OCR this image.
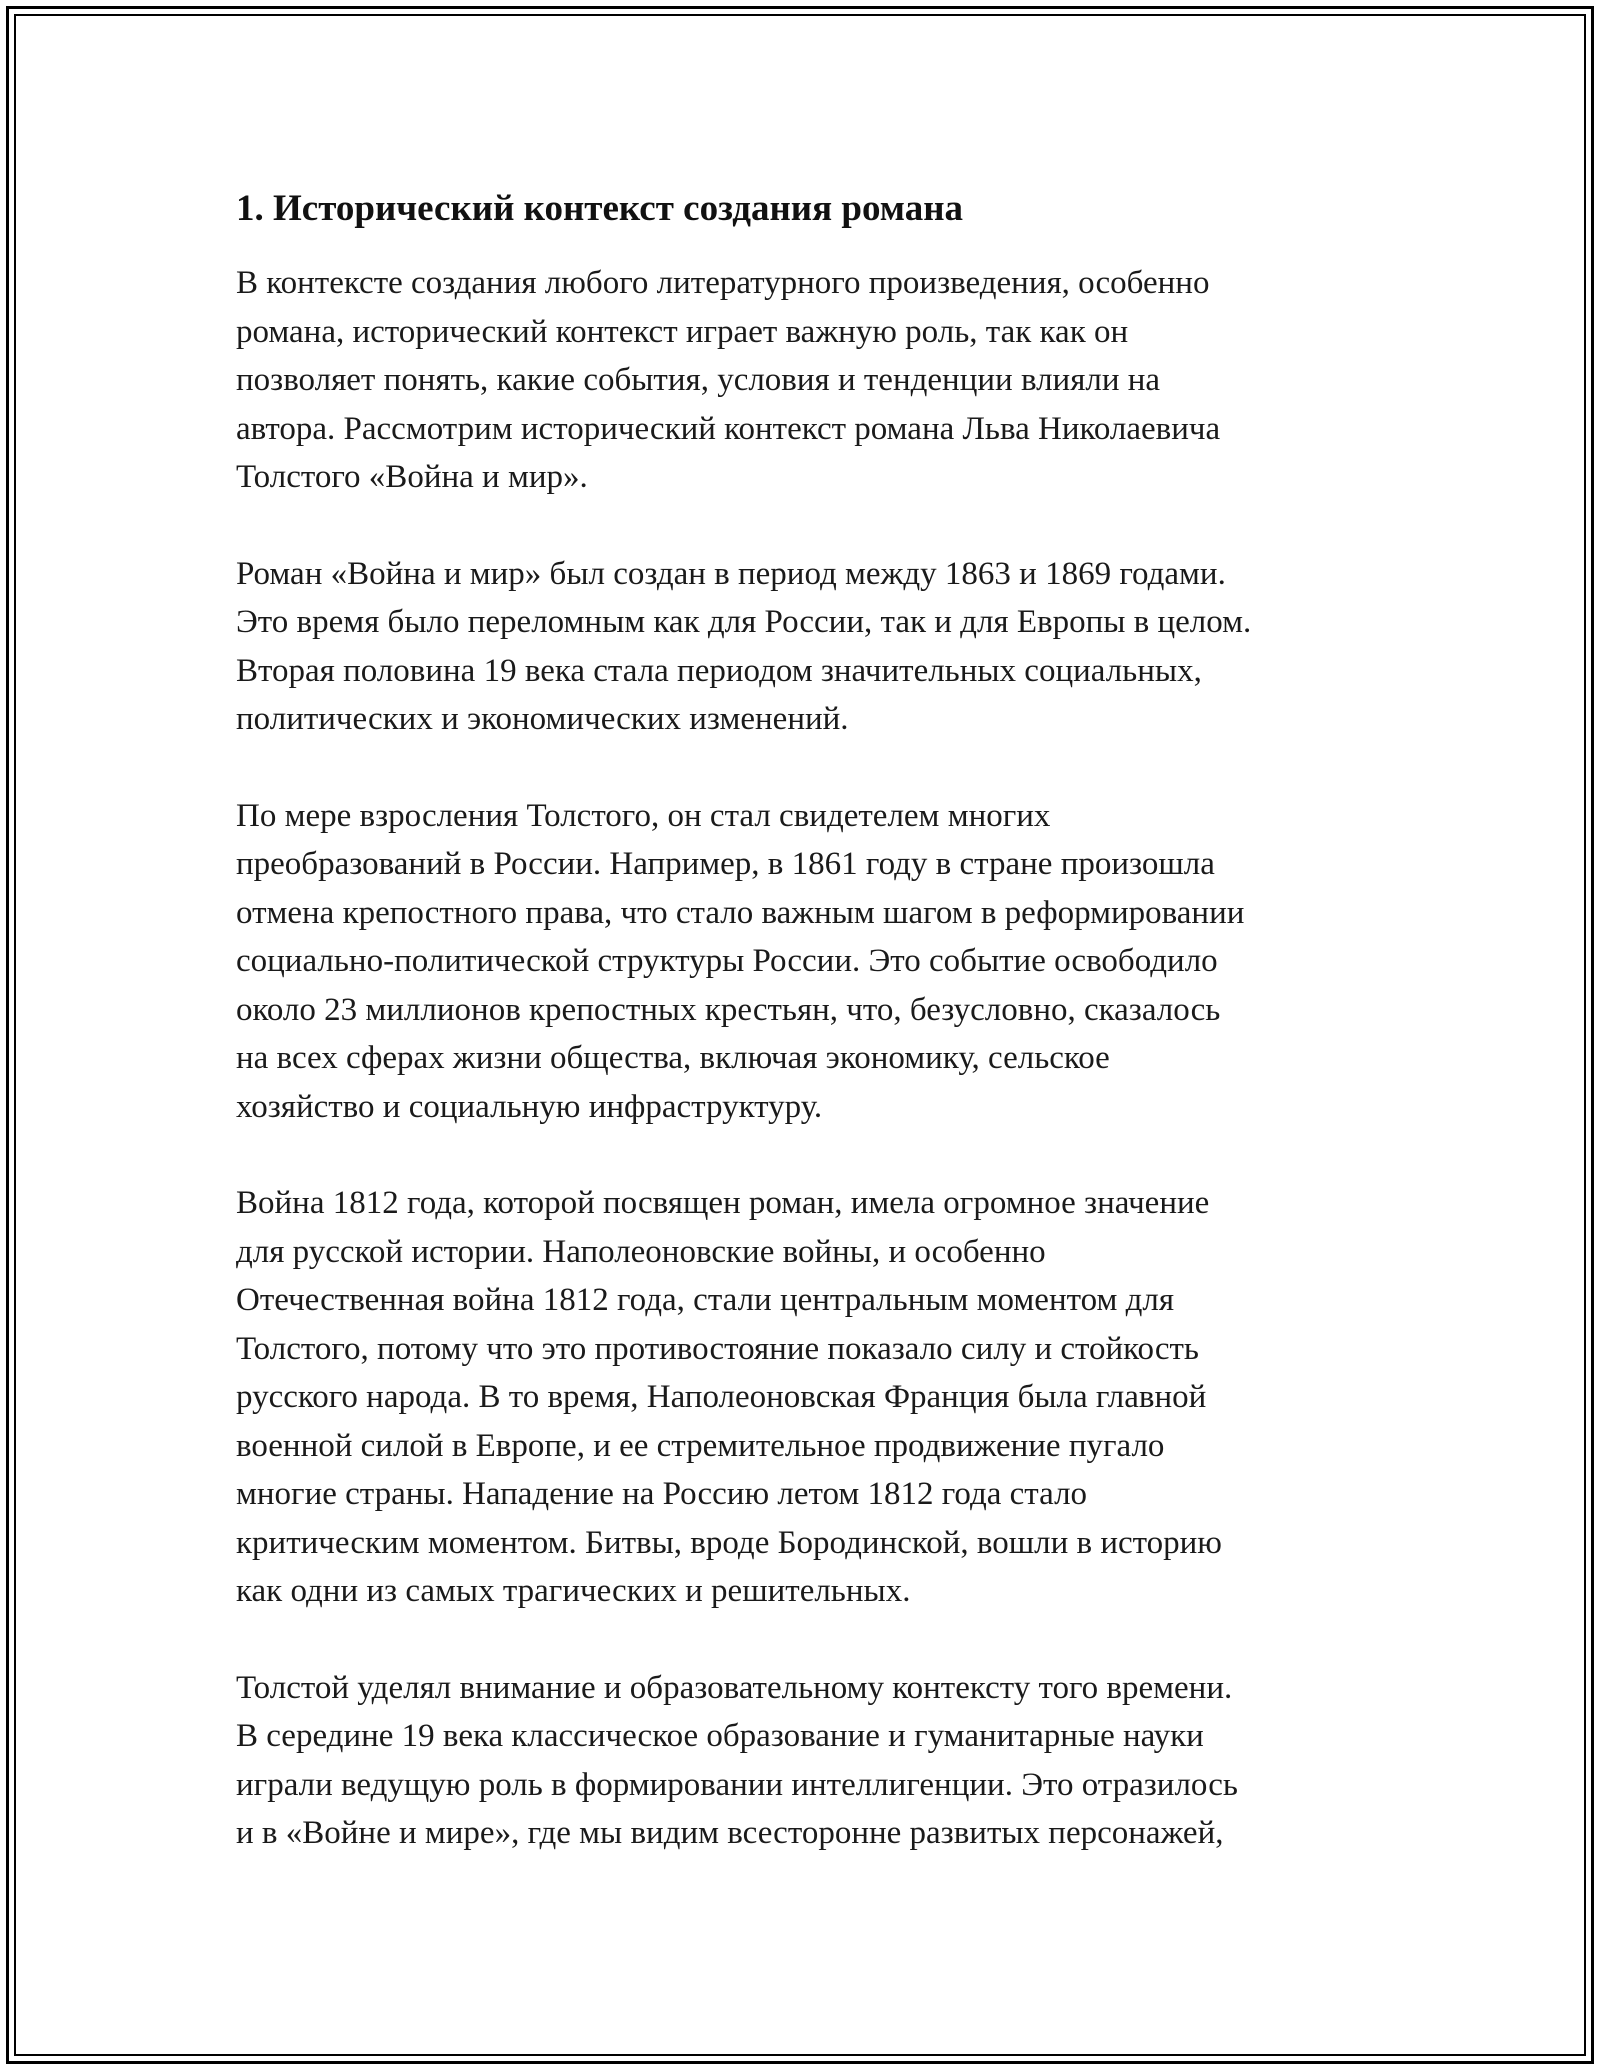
1. Исторический контекст создания романа

В контексте создания любого литературного произведения, особенно
романа, исторический контекст играет важную роль, так как он
позволяет понять, какие события, условия и тенденции влияли на
автора. Рассмотрим исторический контекст романа Льва Николаевича
Толстого «Война и мир».

Роман «Война и мир» был создан в период между 1863 и 1869 годами.
Это время было переломным как для России, так и для Европы в целом.
Вторая половина 19 века стала периодом значительных социальных,
политических и экономических изменений.

По мере взросления Толстого, он стал свидетелем многих
преобразований в России. Например, в 1861 году в стране произошла
отмена крепостного права, что стало важным шагом в реформировании
социально-политической структуры России. Это событие освободило
около 23 миллионов крепостных крестьян, что, безусловно, сказалось
на всех сферах жизни общества, включая экономику, сельское
хозяйство и социальную инфраструктуру.

Война 1812 года, которой посвящен роман, имела огромное значение
для русской истории. Наполеоновские войны, и особенно
Отечественная война 1812 года, стали центральным моментом для
Толстого, потому что это противостояние показало силу и стойкость
русского народа. В то время, Наполеоновская Франция была главной
военной силой в Европе, и ее стремительное продвижение пугало
многие страны. Нападение на Россию летом 1812 года стало
критическим моментом. Битвы, вроде Бородинской, вошли в историю
как одни из самых трагических и решительных.

Толстой уделял внимание и образовательному контексту того времени.
В середине 19 века классическое образование и гуманитарные науки
играли ведущую роль в формировании интеллигенции. Это отразилось
и в «Войне и мире», где мы видим всесторонне развитых персонажей,
